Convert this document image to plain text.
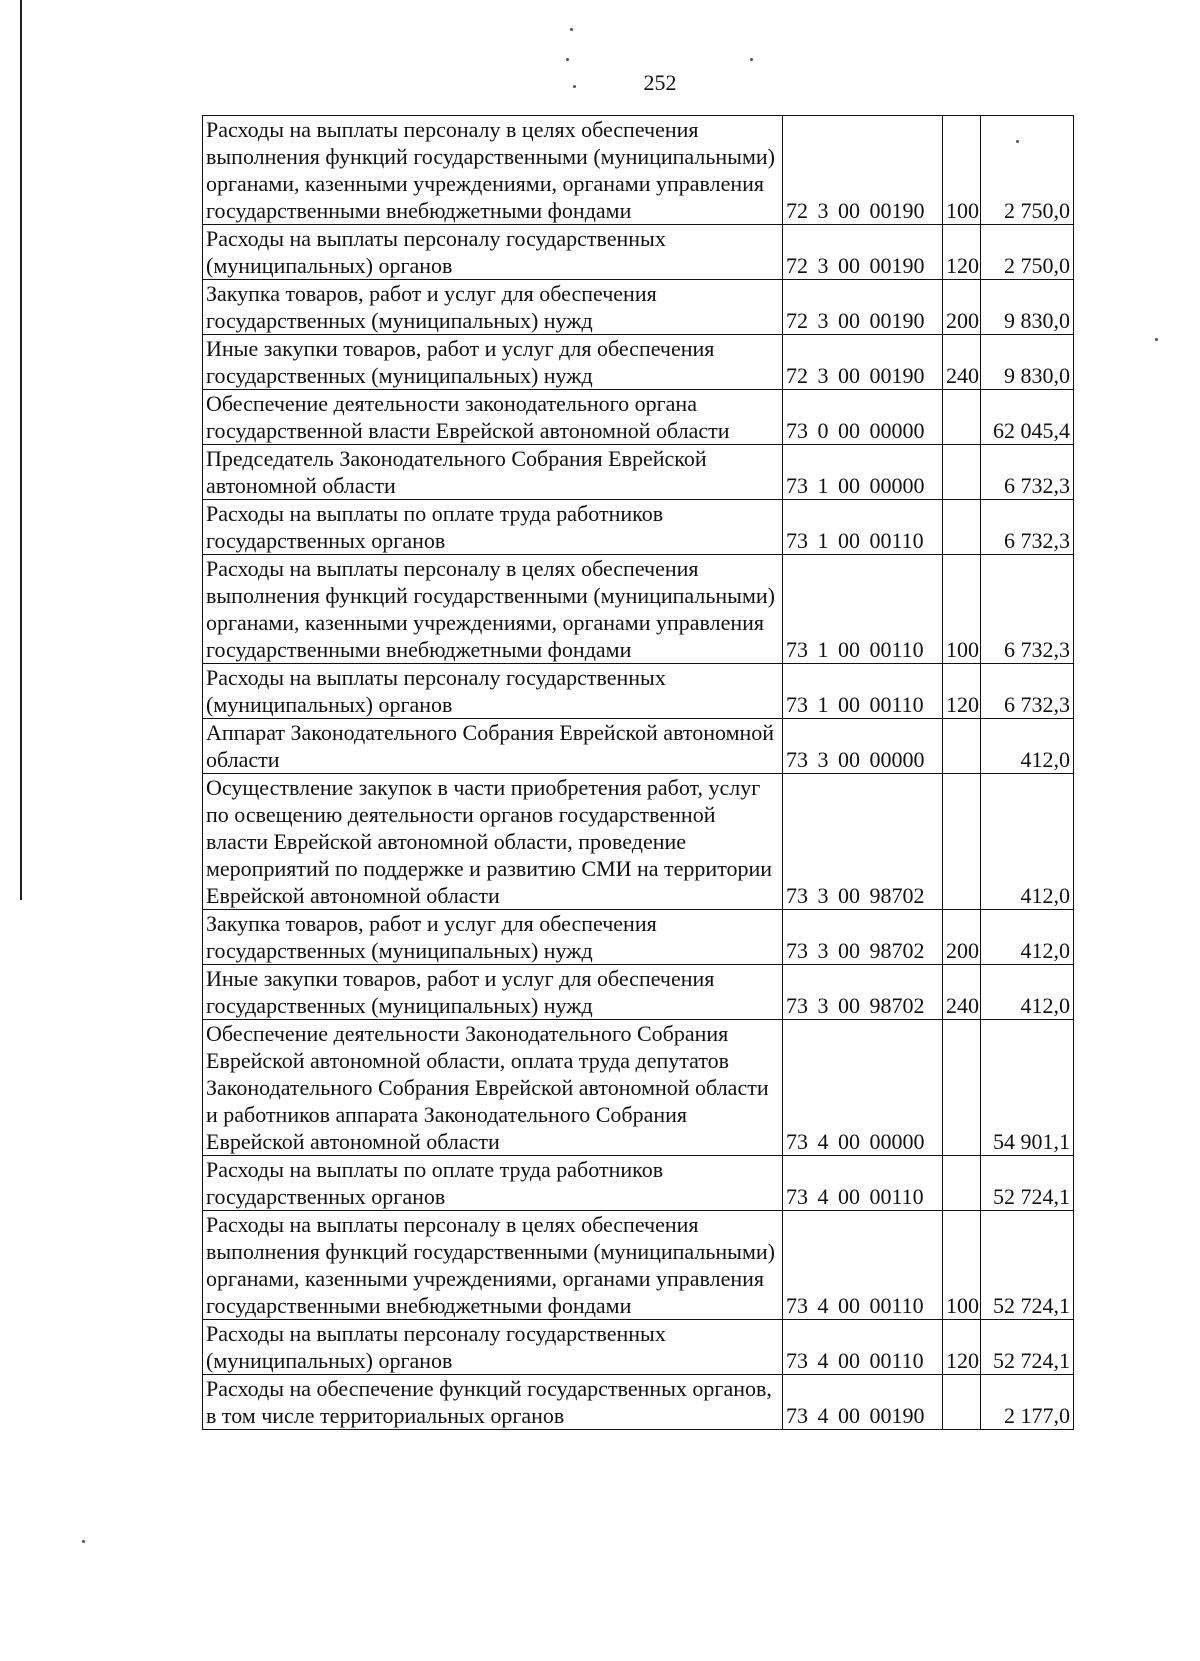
252
Расходы на выплаты персоналу в целях обеспечения выполнения функций государственными (муниципальными) органами, казенными учреждениями, органами управления государственными внебюджетными фондами	72 3 00 00190	100	2 750,0
Расходы на выплаты персоналу государственных (муниципальных) органов	72 3 00 00190	120	2 750,0
Закупка товаров, работ и услуг для обеспечения государственных (муниципальных) нужд	72 3 00 00190	200	9 830,0
Иные закупки товаров, работ и услуг для обеспечения государственных (муниципальных) нужд	72 3 00 00190	240	9 830,0
Обеспечение деятельности законодательного органа государственной власти Еврейской автономной области	73 0 00 00000		62 045,4
Председатель Законодательного Собрания Еврейской автономной области	73 1 00 00000		6 732,3
Расходы на выплаты по оплате труда работников государственных органов	73 1 00 00110		6 732,3
Расходы на выплаты персоналу в целях обеспечения выполнения функций государственными (муниципальными) органами, казенными учреждениями, органами управления государственными внебюджетными фондами	73 1 00 00110	100	6 732,3
Расходы на выплаты персоналу государственных (муниципальных) органов	73 1 00 00110	120	6 732,3
Аппарат Законодательного Собрания Еврейской автономной области	73 3 00 00000		412,0
Осуществление закупок в части приобретения работ, услуг по освещению деятельности органов государственной власти Еврейской автономной области, проведение мероприятий по поддержке и развитию СМИ на территории Еврейской автономной области	73 3 00 98702		412,0
Закупка товаров, работ и услуг для обеспечения государственных (муниципальных) нужд	73 3 00 98702	200	412,0
Иные закупки товаров, работ и услуг для обеспечения государственных (муниципальных) нужд	73 3 00 98702	240	412,0
Обеспечение деятельности Законодательного Собрания Еврейской автономной области, оплата труда депутатов Законодательного Собрания Еврейской автономной области и работников аппарата Законодательного Собрания Еврейской автономной области	73 4 00 00000		54 901,1
Расходы на выплаты по оплате труда работников государственных органов	73 4 00 00110		52 724,1
Расходы на выплаты персоналу в целях обеспечения выполнения функций государственными (муниципальными) органами, казенными учреждениями, органами управления государственными внебюджетными фондами	73 4 00 00110	100	52 724,1
Расходы на выплаты персоналу государственных (муниципальных) органов	73 4 00 00110	120	52 724,1
Расходы на обеспечение функций государственных органов, в том числе территориальных органов	73 4 00 00190		2 177,0
